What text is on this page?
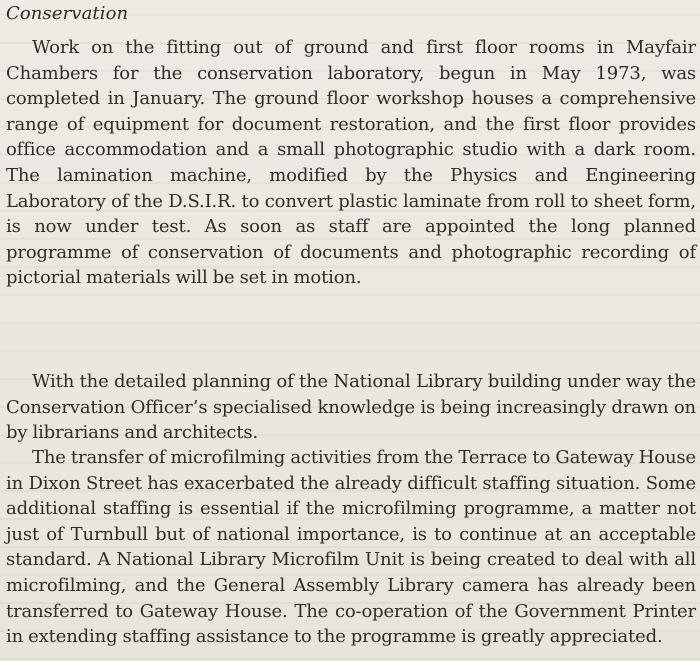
Conservation

Work on the fitting out of ground and first floor rooms in Mayfair Chambers for the conservation laboratory, begun in May 1973, was completed in January. The ground floor workshop houses a comprehensive range of equipment for document restoration, and the first floor provides office accommodation and a small photographic studio with a dark room. The lamination machine, modified by the Physics and Engineering Laboratory of the D.S.I.R. to convert plastic laminate from roll to sheet form, is now under test. As soon as staff are appointed the long planned programme of conservation of documents and photographic recording of pictorial materials will be set in motion.

With the detailed planning of the National Library building under way the Conservation Officer’s specialised knowledge is being increasingly drawn on by librarians and architects.

The transfer of microfilming activities from the Terrace to Gateway House in Dixon Street has exacerbated the already difficult staffing situation. Some additional staffing is essential if the microfilming programme, a matter not just of Turnbull but of national importance, is to continue at an acceptable standard. A National Library Microfilm Unit is being created to deal with all microfilming, and the General Assembly Library camera has already been transferred to Gateway House. The co-operation of the Government Printer in extending staffing assistance to the programme is greatly appreciated.
